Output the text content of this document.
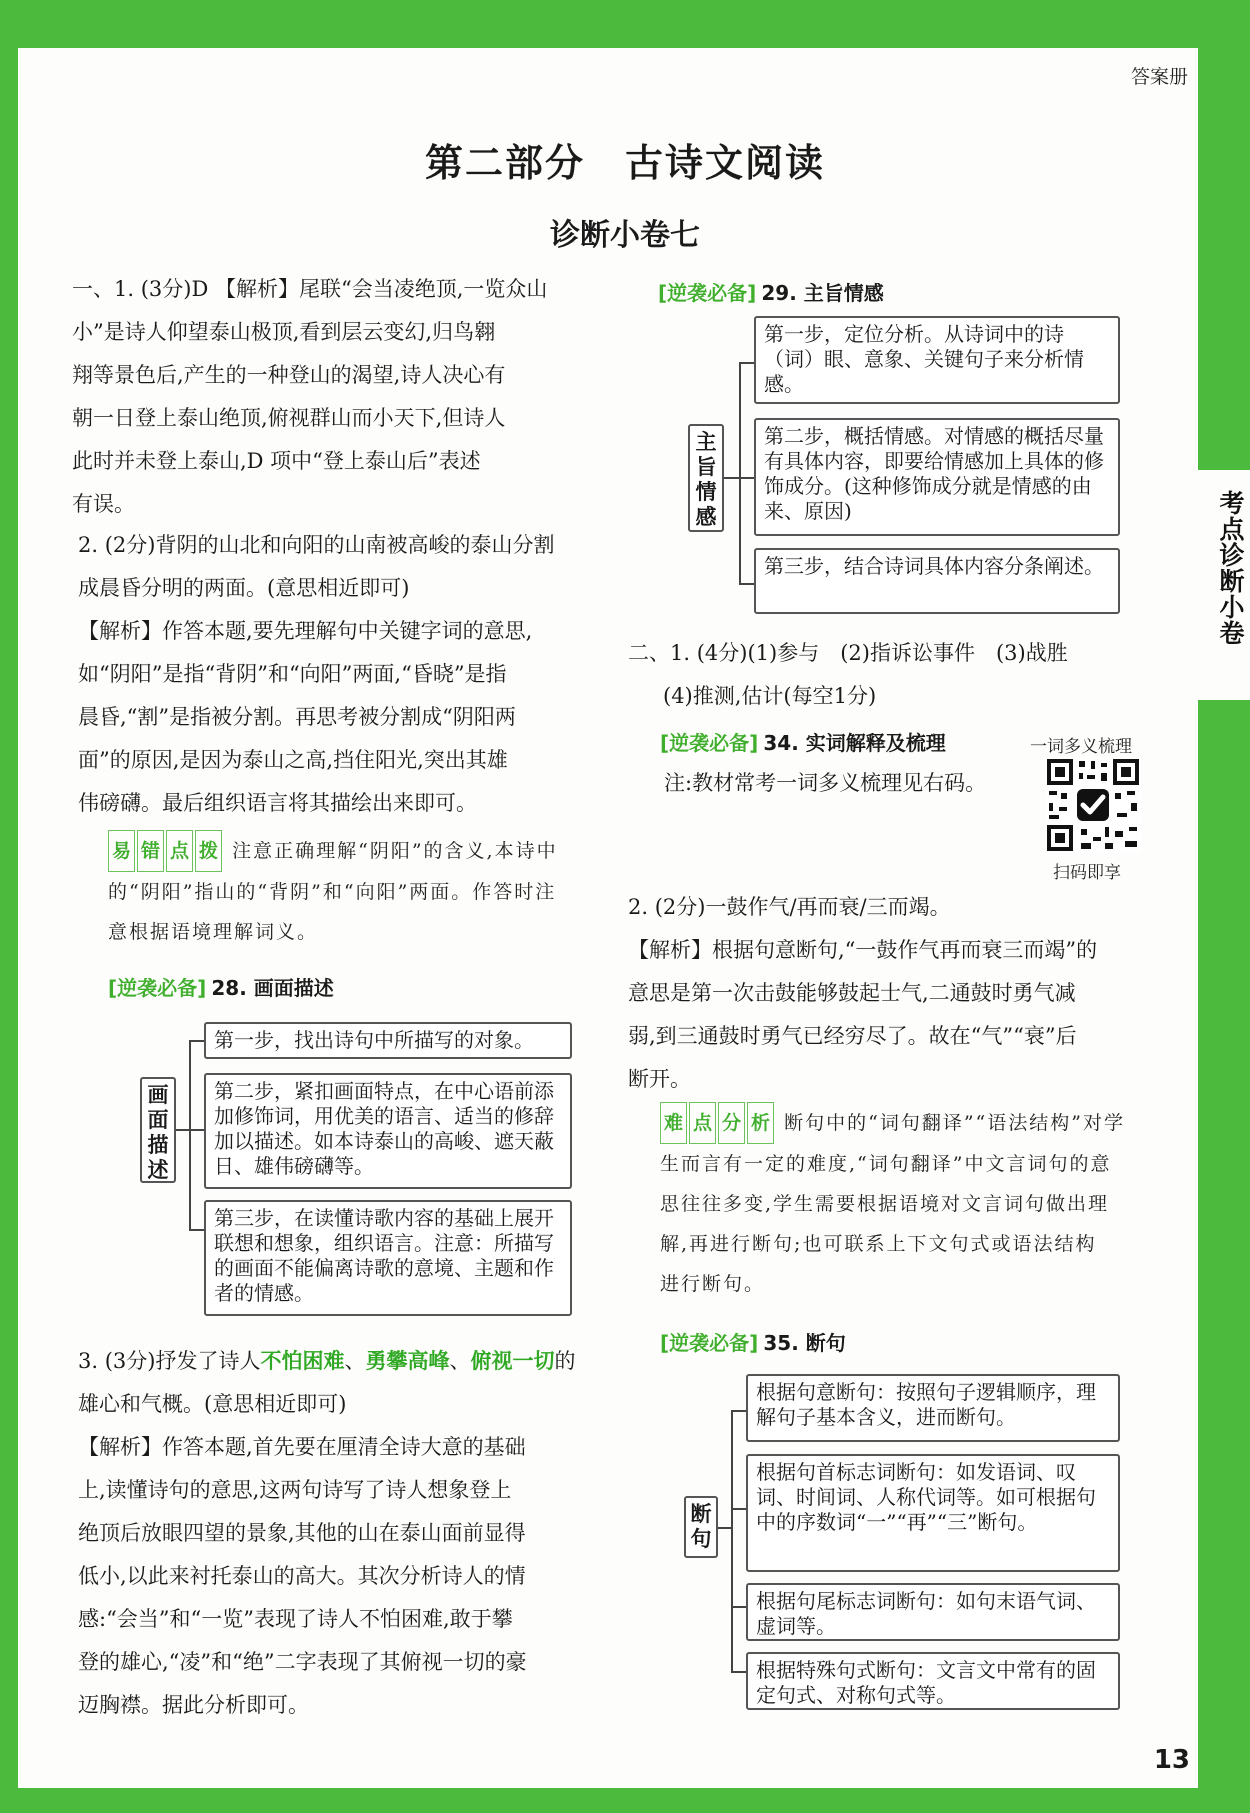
考点诊断小卷
答案册
第二部分　古诗文阅读
诊断小卷七
一、1. (3分)D 【解析】尾联“会当凌绝顶,一览众山
小”是诗人仰望泰山极顶,看到层云变幻,归鸟翱
翔等景色后,产生的一种登山的渴望,诗人决心有
朝一日登上泰山绝顶,俯视群山而小天下,但诗人
此时并未登上泰山,D 项中“登上泰山后”表述
有误。
2. (2分)背阴的山北和向阳的山南被高峻的泰山分割
成晨昏分明的两面。(意思相近即可)
【解析】作答本题,要先理解句中关键字词的意思,
如“阴阳”是指“背阴”和“向阳”两面,“昏晓”是指
晨昏,“割”是指被分割。再思考被分割成“阴阳两
面”的原因,是因为泰山之高,挡住阳光,突出其雄
伟磅礴。最后组织语言将其描绘出来即可。
易 错 点 拨 注意正确理解“阴阳”的含义,本诗中
的“阴阳”指山的“背阴”和“向阳”两面。作答时注
意根据语境理解词义。
[逆袭必备] 28. 画面描述
画面描述
第一步，找出诗句中所描写的对象。
第二步，紧扣画面特点，在中心语前添加修饰词，用优美的语言、适当的修辞加以描述。如本诗泰山的高峻、遮天蔽日、雄伟磅礴等。
第三步，在读懂诗歌内容的基础上展开联想和想象，组织语言。注意：所描写的画面不能偏离诗歌的意境、主题和作者的情感。
3. (3分)抒发了诗人不怕困难、勇攀高峰、俯视一切的
雄心和气概。(意思相近即可)
【解析】作答本题,首先要在厘清全诗大意的基础
上,读懂诗句的意思,这两句诗写了诗人想象登上
绝顶后放眼四望的景象,其他的山在泰山面前显得
低小,以此来衬托泰山的高大。其次分析诗人的情
感:“会当”和“一览”表现了诗人不怕困难,敢于攀
登的雄心,“凌”和“绝”二字表现了其俯视一切的豪
迈胸襟。据此分析即可。
[逆袭必备] 29. 主旨情感
主旨情感
第一步，定位分析。从诗词中的诗（词）眼、意象、关键句子来分析情感。
第二步，概括情感。对情感的概括尽量有具体内容，即要给情感加上具体的修饰成分。(这种修饰成分就是情感的由来、原因)
第三步，结合诗词具体内容分条阐述。
二、1. (4分)(1)参与　(2)指诉讼事件　(3)战胜
(4)推测,估计(每空1分)
[逆袭必备] 34. 实词解释及梳理
注:教材常考一词多义梳理见右码。
一词多义梳理
扫码即享
2. (2分)一鼓作气/再而衰/三而竭。
【解析】根据句意断句,“一鼓作气再而衰三而竭”的
意思是第一次击鼓能够鼓起士气,二通鼓时勇气减
弱,到三通鼓时勇气已经穷尽了。故在“气”“衰”后
断开。
难 点 分 析 断句中的“词句翻译”“语法结构”对学
生而言有一定的难度,“词句翻译”中文言词句的意
思往往多变,学生需要根据语境对文言词句做出理
解,再进行断句;也可联系上下文句式或语法结构
进行断句。
[逆袭必备] 35. 断句
断句
根据句意断句：按照句子逻辑顺序，理解句子基本含义，进而断句。
根据句首标志词断句：如发语词、叹词、时间词、人称代词等。如可根据句中的序数词“一”“再”“三”断句。
根据句尾标志词断句：如句末语气词、虚词等。
根据特殊句式断句：文言文中常有的固定句式、对称句式等。
13
